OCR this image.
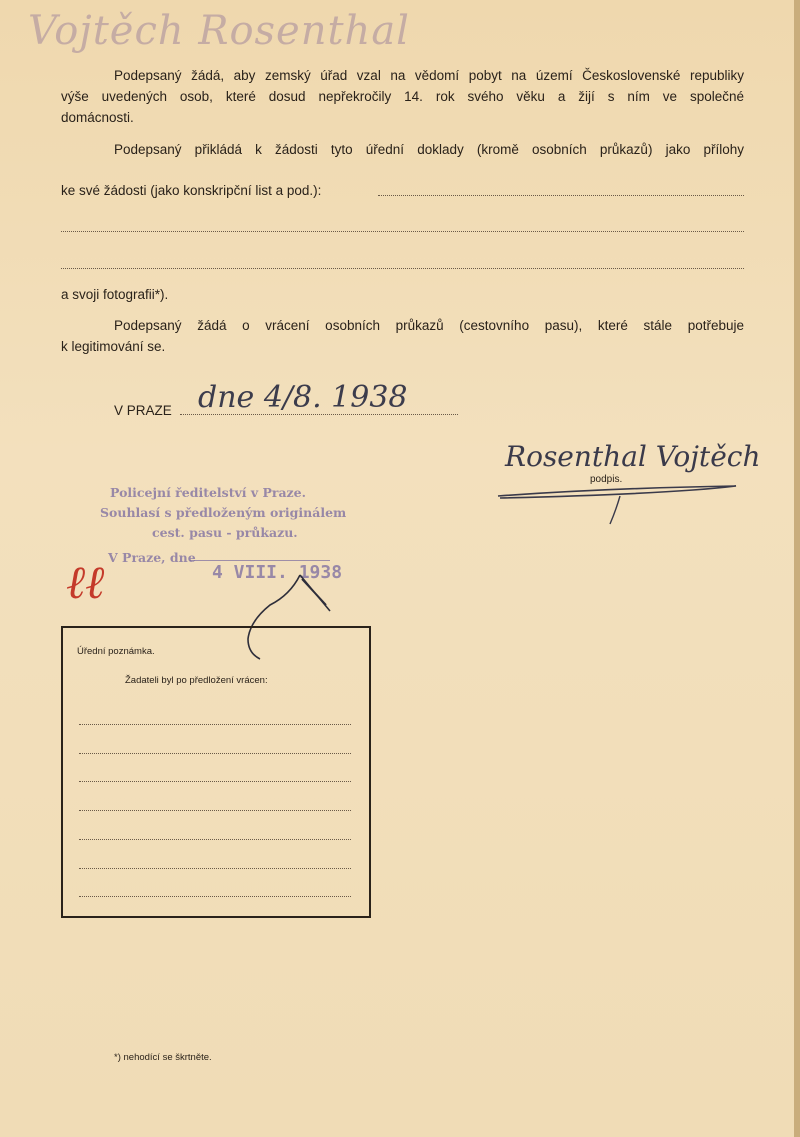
Vojtěch Rosenthal
Podepsaný žádá, aby zemský úřad vzal na vědomí pobyt na území Československé republiky
výše uvedených osob, které dosud nepřekročily 14. rok svého věku a žijí s ním ve společné
domácnosti.
Podepsaný přikládá k žádosti tyto úřední doklady (kromě osobních průkazů) jako přílohy
ke své žádosti (jako konskripční list a pod.):
a svoji fotografii*).
Podepsaný žádá o vrácení osobních průkazů (cestovního pasu), které stále potřebuje
k legitimování se.
V PRAZE dne 4/8. 1938
Rosenthal Vojtěch
podpis.
Policejní ředitelství v Praze.
Souhlasí s předloženým originálem
cest. pasu - průkazu.
V Praze, dne
4 VIII. 1938
ℓℓ
Úřední poznámka.
Žadateli byl po předložení vrácen:
*) nehodící se škrtněte.
